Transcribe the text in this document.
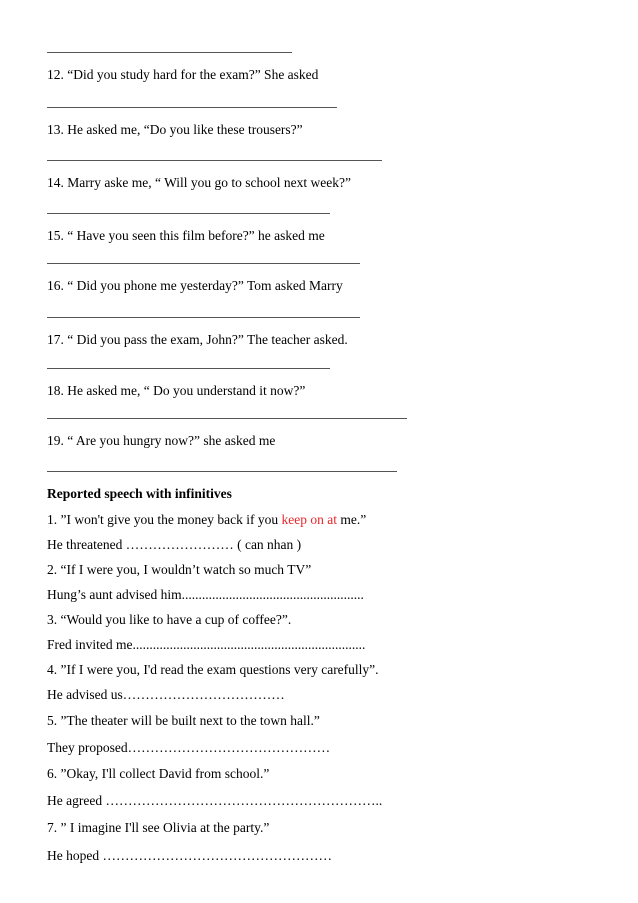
12. “Did you study hard for the exam?” She asked
13. He asked me, “Do you like these trousers?”
14. Marry aske me, “ Will you go to school next week?”
15. “ Have you seen this film before?” he asked me
16. “ Did you phone me yesterday?” Tom asked Marry
17. “ Did you pass the exam, John?” The teacher asked.
18. He asked me, “ Do you understand it now?”
19. “ Are you hungry now?” she asked me
Reported speech with infinitives
1. ”I won't give you the money back if you keep on at me.”
He threatened …………………… ( can nhan )
2. “If I were you, I wouldn’t watch so much TV”
Hung’s aunt advised him......................................................
3. “Would you like to have a cup of coffee?”.
Fred invited me.....................................................................
4. ”If I were you, I'd read the exam questions very carefully”.
He advised us………………………………
5. ”The theater will be built next to the town hall.”
They proposed………………………………………
6. ”Okay, I'll collect David from school.”
He agreed ……………………………………………………..
7. ” I imagine I'll see Olivia at the party.”
He hoped ……………………………………………
